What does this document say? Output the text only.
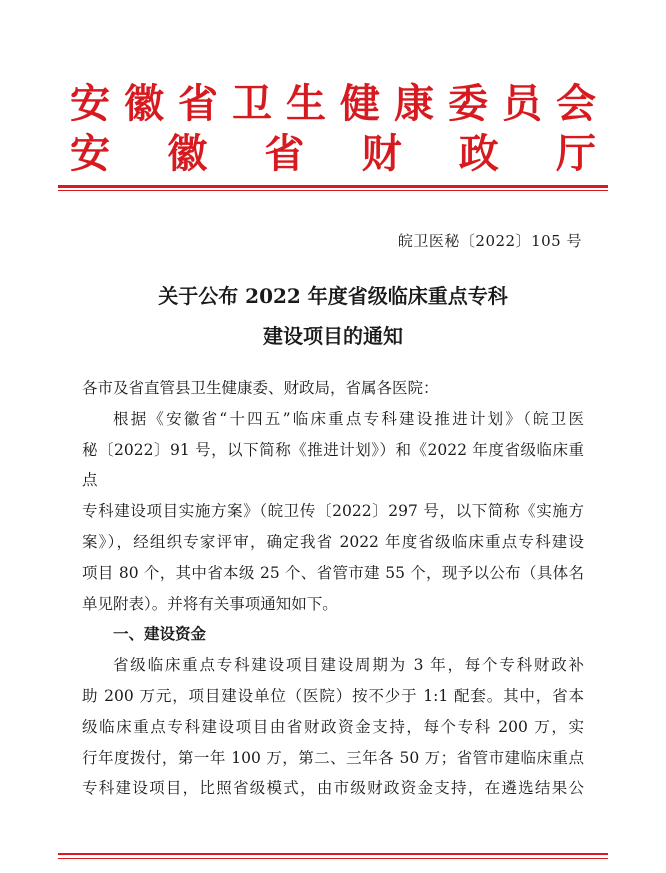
安 徽 省 卫 生 健 康 委 员 会
安 徽 省 财 政 厅
皖卫医秘〔2022〕105 号
关于公布 2022 年度省级临床重点专科
建设项目的通知

各市及省直管县卫生健康委、财政局，省属各医院：

根据《安徽省“十四五”临床重点专科建设推进计划》（皖卫医
秘〔2022〕91 号，以下简称《推进计划》）和《2022 年度省级临床重点
专科建设项目实施方案》（皖卫传〔2022〕297 号，以下简称《实施方
案》），经组织专家评审，确定我省 2022 年度省级临床重点专科建设
项目 80 个，其中省本级 25 个、省管市建 55 个，现予以公布（具体名
单见附表）。并将有关事项通知如下。

一、建设资金

省级临床重点专科建设项目建设周期为 3 年，每个专科财政补
助 200 万元，项目建设单位（医院）按不少于 1:1 配套。其中，省本
级临床重点专科建设项目由省财政资金支持，每个专科 200 万，实
行年度拨付，第一年 100 万，第二、三年各 50 万；省管市建临床重点
专科建设项目，比照省级模式，由市级财政资金支持，在遴选结果公
